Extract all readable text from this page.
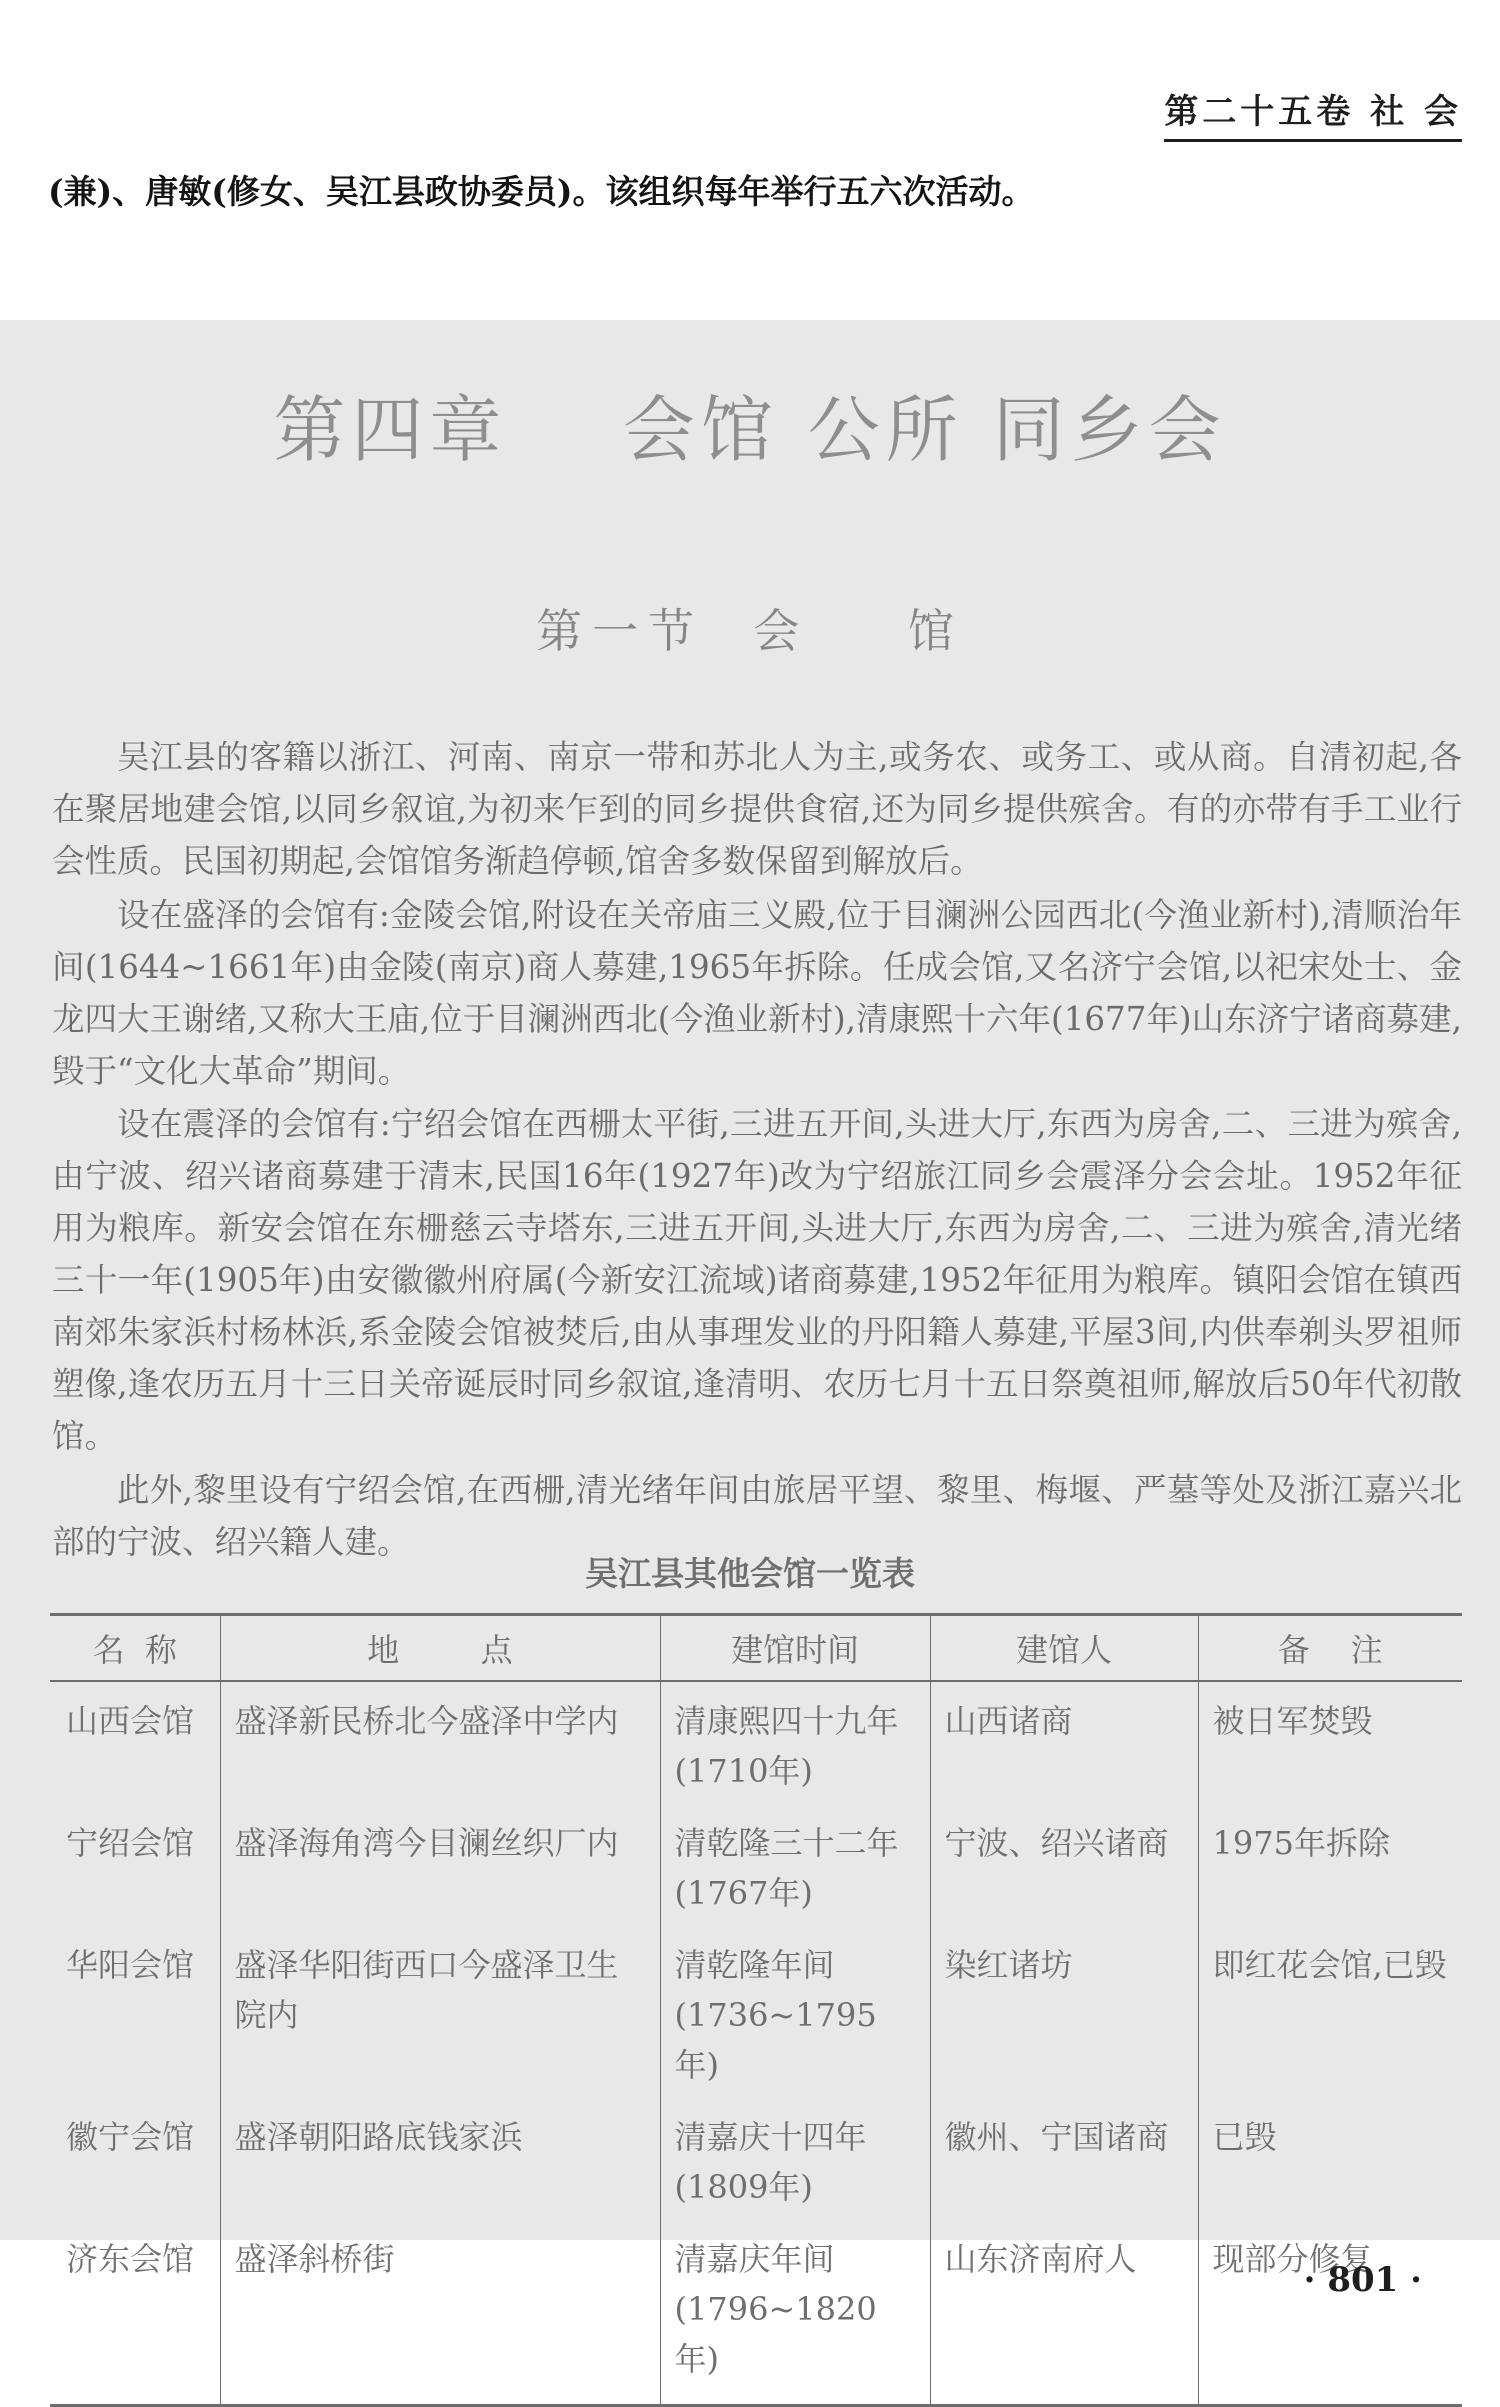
第二十五卷 社 会
(兼)、唐敏(修女、吴江县政协委员)。该组织每年举行五六次活动。
第四章    会馆 公所 同乡会
第一节  会    馆

吴江县的客籍以浙江、河南、南京一带和苏北人为主,或务农、或务工、或从商。自清初起,各在聚居地建会馆,以同乡叙谊,为初来乍到的同乡提供食宿,还为同乡提供殡舍。有的亦带有手工业行会性质。民国初期起,会馆馆务渐趋停顿,馆舍多数保留到解放后。

设在盛泽的会馆有:金陵会馆,附设在关帝庙三义殿,位于目澜洲公园西北(今渔业新村),清顺治年间(1644~1661年)由金陵(南京)商人募建,1965年拆除。任成会馆,又名济宁会馆,以祀宋处士、金龙四大王谢绪,又称大王庙,位于目澜洲西北(今渔业新村),清康熙十六年(1677年)山东济宁诸商募建,毁于“文化大革命”期间。

设在震泽的会馆有:宁绍会馆在西栅太平街,三进五开间,头进大厅,东西为房舍,二、三进为殡舍,由宁波、绍兴诸商募建于清末,民国16年(1927年)改为宁绍旅江同乡会震泽分会会址。1952年征用为粮库。新安会馆在东栅慈云寺塔东,三进五开间,头进大厅,东西为房舍,二、三进为殡舍,清光绪三十一年(1905年)由安徽徽州府属(今新安江流域)诸商募建,1952年征用为粮库。镇阳会馆在镇西南郊朱家浜村杨林浜,系金陵会馆被焚后,由从事理发业的丹阳籍人募建,平屋3间,内供奉剃头罗祖师塑像,逢农历五月十三日关帝诞辰时同乡叙谊,逢清明、农历七月十五日祭奠祖师,解放后50年代初散馆。

此外,黎里设有宁绍会馆,在西栅,清光绪年间由旅居平望、黎里、梅堰、严墓等处及浙江嘉兴北部的宁波、绍兴籍人建。

吴江县其他会馆一览表
名  称	地        点	建馆时间	建馆人	备    注
山西会馆	盛泽新民桥北今盛泽中学内	清康熙四十九年(1710年)	山西诸商	被日军焚毁
宁绍会馆	盛泽海角湾今目澜丝织厂内	清乾隆三十二年(1767年)	宁波、绍兴诸商	1975年拆除
华阳会馆	盛泽华阳街西口今盛泽卫生院内	清乾隆年间(1736~1795年)	染红诸坊	即红花会馆,已毁
徽宁会馆	盛泽朝阳路底钱家浜	清嘉庆十四年(1809年)	徽州、宁国诸商	已毁
济东会馆	盛泽斜桥街	清嘉庆年间(1796~1820年)	山东济南府人	现部分修复
· 801 ·
